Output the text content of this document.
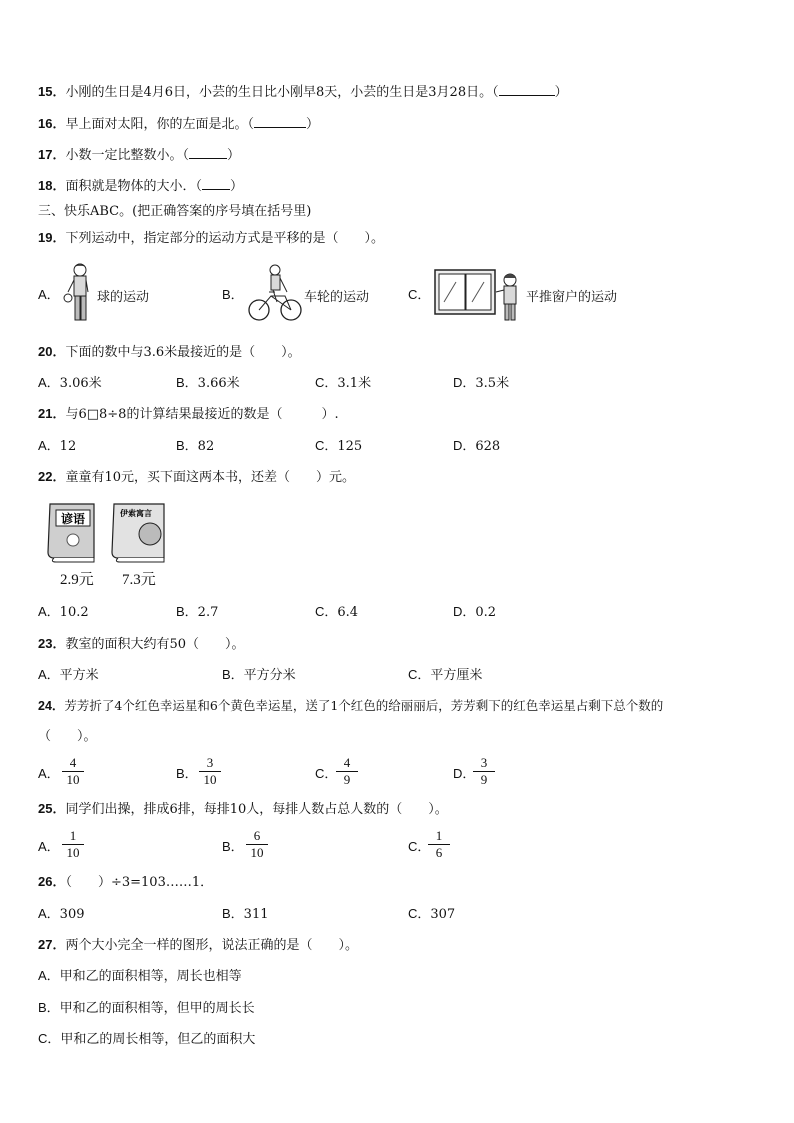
15．小刚的生日是4月6日，小芸的生日比小刚早8天，小芸的生日是3月28日。（	）
16．早上面对太阳，你的左面是北。（	）
17．小数一定比整数小。（	）
18．面积就是物体的大小．（ ）
三、快乐ABC。(把正确答案的序号填在括号里)
19．下列运动中，指定部分的运动方式是平移的是（　　）。
A．	球的运动	B．	车轮的运动	C．	平推窗户的运动
20．下面的数中与3.6米最接近的是（　　）。
A．3.06米	B．3.66米	C．3.1米	D．3.5米
21．与6□8÷8的计算结果最接近的数是（　　　）.
A．12	B．82	C．125	D．628
22．童童有10元，买下面这两本书，还差（　　）元。
谚语	伊索寓言
2.9元 7.3元
A．10.2	B．2.7	C．6.4	D．0.2
23．教室的面积大约有50（　　）。
A．平方米	B．平方分米	C．平方厘米
24．芳芳折了4个红色幸运星和6个黄色幸运星，送了1个红色的给丽丽后，芳芳剩下的红色幸运星占剩下总个数的
（　　）。
A． $\frac{4}{10}$	B． $\frac{3}{10}$	C．
$\frac{4}{9}$	D．
$\frac{3}{9}$
25．同学们出操，排成6排，每排10人，每排人数占总人数的（　　）。
A． $\frac{1}{10}$	B． $\frac{6}{10}$	C．
$\frac{1}{6}$
26．（　　）÷3=103……1．
A．309	B．311	C．307
27．两个大小完全一样的图形，说法正确的是（　　）。
A．甲和乙的面积相等，周长也相等
B．甲和乙的面积相等，但甲的周长长
C．甲和乙的周长相等，但乙的面积大
